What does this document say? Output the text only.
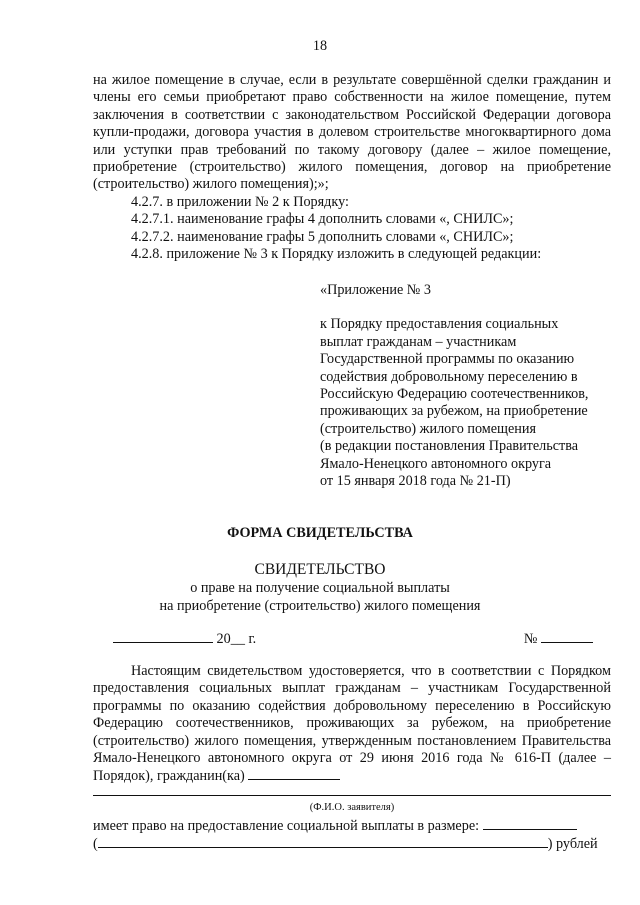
18
на жилое помещение в случае, если в результате совершённой сделки гражданин и члены его семьи приобретают право собственности на жилое помещение, путем заключения в соответствии с законодательством Российской Федерации договора купли-продажи, договора участия в долевом строительстве многоквартирного дома или уступки прав требований по такому договору (далее – жилое помещение, приобретение (строительство) жилого помещения, договор на приобретение (строительство) жилого помещения);»;
4.2.7. в приложении № 2 к Порядку:
4.2.7.1. наименование графы 4 дополнить словами «, СНИЛС»;
4.2.7.2. наименование графы 5 дополнить словами «, СНИЛС»;
4.2.8. приложение № 3 к Порядку изложить в следующей редакции:
«Приложение № 3
к Порядку предоставления социальных
выплат гражданам – участникам
Государственной программы по оказанию
содействия добровольному переселению в
Российскую Федерацию соотечественников,
проживающих за рубежом, на приобретение
(строительство) жилого помещения
(в редакции постановления Правительства
Ямало-Ненецкого автономного округа
от 15 января 2018 года № 21-П)
ФОРМА СВИДЕТЕЛЬСТВА
СВИДЕТЕЛЬСТВО
о праве на получение социальной выплаты
на приобретение (строительство) жилого помещения
20__ г.	№

Настоящим свидетельством удостоверяется, что в соответствии с Порядком предоставления социальных выплат гражданам – участникам Государственной программы по оказанию содействия добровольному переселению в Российскую Федерацию соотечественников, проживающих за рубежом, на приобретение (строительство) жилого помещения, утвержденным постановлением Правительства Ямало-Ненецкого автономного округа от 29 июня 2016 года № 616-П (далее – Порядок), гражданин(ка)

(Ф.И.О. заявителя)
имеет право на предоставление социальной выплаты в размере:
(	) рублей
